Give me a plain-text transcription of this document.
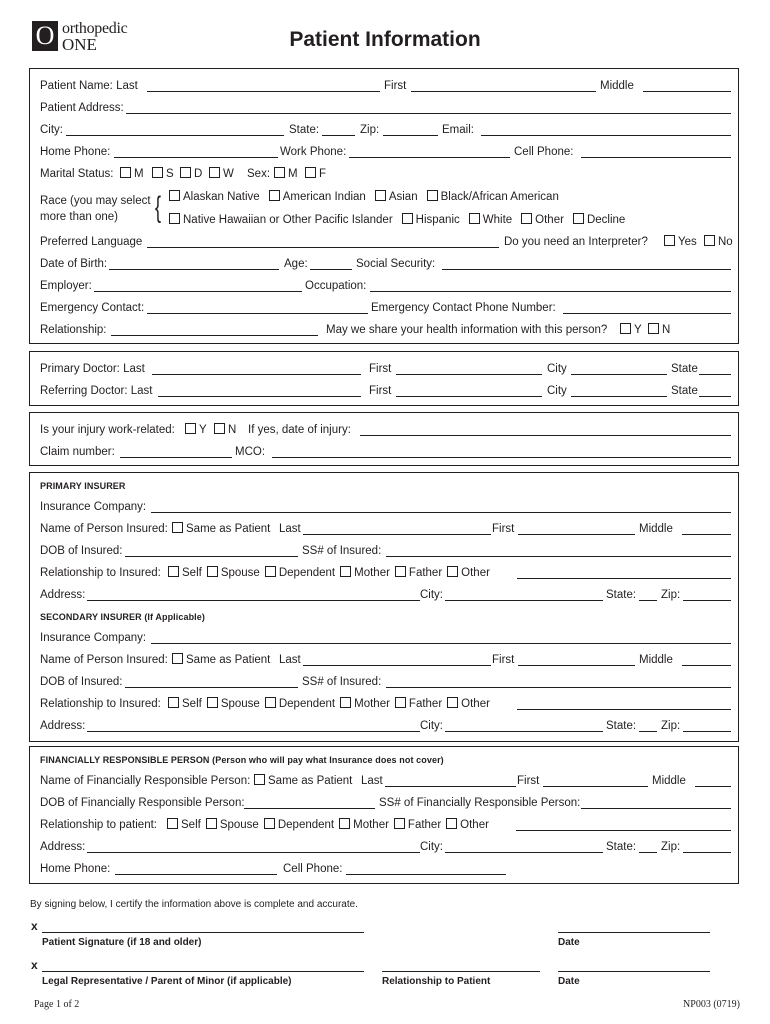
O orthopedic
ONE	Patient Information
Patient Name: Last	First	Middle
Patient Address:
City:	State:	Zip:	Email:
Home Phone:	Work Phone:	Cell Phone:
Marital Status:	M	S	D	W Sex:	M	F
Race (you may select
more than one)	{	Alaskan Native American Indian Asian Black/African American
Native Hawaiian or Other Pacific Islander Hispanic White Other Decline
Preferred Language	Do you need an Interpreter?	Yes	No
Date of Birth:	Age:	Social Security:
Employer:	Occupation:
Emergency Contact:	Emergency Contact Phone Number:
Relationship:	May we share your health information with this person?	Y	N
Primary Doctor: Last	First	City	State
Referring Doctor: Last	First	City	State
Is your injury work-related:	Y	N If yes, date of injury:
Claim number:	MCO:
PRIMARY INSURER
Insurance Company:
Name of Person Insured:	Same as Patient Last	First	Middle
DOB of Insured:	SS# of Insured:
Relationship to Insured:	Self Spouse Dependent Mother Father Other
Address:	City:	State: Zip:
SECONDARY INSURER (If Applicable)
Insurance Company:
Name of Person Insured:	Same as Patient Last	First	Middle
DOB of Insured:	SS# of Insured:
Relationship to Insured:	Self Spouse Dependent Mother Father Other
Address:	City:	State: Zip:
FINANCIALLY RESPONSIBLE PERSON (Person who will pay what Insurance does not cover)
Name of Financially Responsible Person:	Same as Patient Last	First	Middle
DOB of Financially Responsible Person:	SS# of Financially Responsible Person:
Relationship to patient:	Self Spouse Dependent Mother Father Other
Address:	City:	State: Zip:
Home Phone:	Cell Phone:
By signing below, I certify the information above is complete and accurate.
x
Patient Signature (if 18 and older)	Date
x
Legal Representative / Parent of Minor (if applicable)	Relationship to Patient	Date
Page 1 of 2	NP003 (0719)
